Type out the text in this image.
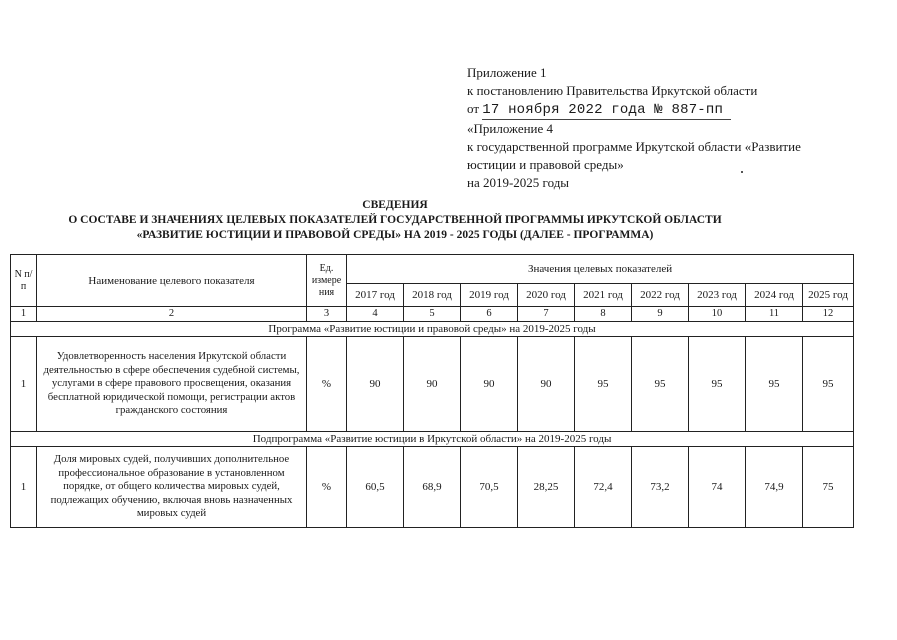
Приложение 1
к постановлению Правительства Иркутской области
от 17 ноября 2022 года № 887-пп
«Приложение 4
к государственной программе Иркутской области «Развитие юстиции и правовой среды»
на 2019-2025 годы
СВЕДЕНИЯ
О СОСТАВЕ И ЗНАЧЕНИЯХ ЦЕЛЕВЫХ ПОКАЗАТЕЛЕЙ ГОСУДАРСТВЕННОЙ ПРОГРАММЫ ИРКУТСКОЙ ОБЛАСТИ
«РАЗВИТИЕ ЮСТИЦИИ И ПРАВОВОЙ СРЕДЫ» НА 2019 - 2025 ГОДЫ (ДАЛЕЕ - ПРОГРАММА)
N п/п	Наименование целевого показателя	Ед. измере ния	Значения целевых показателей								
			2017 год	2018 год	2019 год	2020 год	2021 год	2022 год	2023 год	2024 год	2025 год
1	2	3	4	5	6	7	8	9	10	11	12
Программа «Развитие юстиции и правовой среды» на 2019-2025 годы											
1	Удовлетворенность населения Иркутской области деятельностью в сфере обеспечения судебной системы, услугами в сфере правового просвещения, оказания бесплатной юридической помощи, регистрации актов гражданского состояния	%	90	90	90	90	95	95	95	95	95
Подпрограмма «Развитие юстиции в Иркутской области» на 2019-2025 годы											
1	Доля мировых судей, получивших дополнительное профессиональное образование в установленном порядке, от общего количества мировых судей, подлежащих обучению, включая вновь назначенных мировых судей	%	60,5	68,9	70,5	28,25	72,4	73,2	74	74,9	75
